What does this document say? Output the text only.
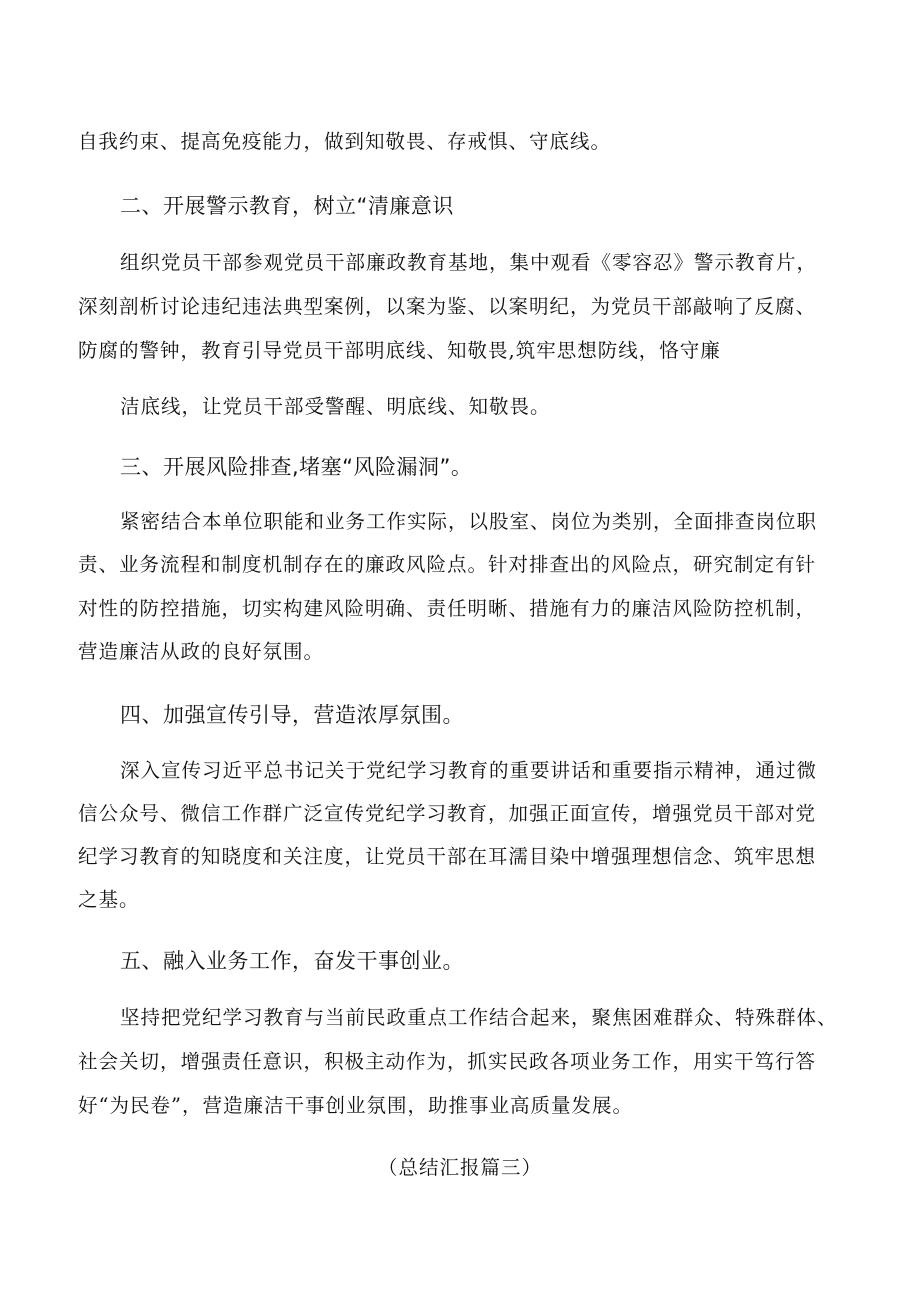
自我约束、提高免疫能力，做到知敬畏、存戒惧、守底线。
二、开展警示教育，树立“清廉意识
组织党员干部参观党员干部廉政教育基地，集中观看《零容忍》警示教育片，
深刻剖析讨论违纪违法典型案例，以案为鉴、以案明纪，为党员干部敲响了反腐、
防腐的警钟，教育引导党员干部明底线、知敬畏,筑牢思想防线，恪守廉
洁底线，让党员干部受警醒、明底线、知敬畏。
三、开展风险排查,堵塞“风险漏洞”。
紧密结合本单位职能和业务工作实际，以股室、岗位为类别，全面排查岗位职
责、业务流程和制度机制存在的廉政风险点。针对排查出的风险点，研究制定有针
对性的防控措施，切实构建风险明确、责任明晰、措施有力的廉洁风险防控机制，
营造廉洁从政的良好氛围。
四、加强宣传引导，营造浓厚氛围。
深入宣传习近平总书记关于党纪学习教育的重要讲话和重要指示精神，通过微
信公众号、微信工作群广泛宣传党纪学习教育，加强正面宣传，增强党员干部对党
纪学习教育的知晓度和关注度，让党员干部在耳濡目染中增强理想信念、筑牢思想
之基。
五、融入业务工作，奋发干事创业。
坚持把党纪学习教育与当前民政重点工作结合起来，聚焦困难群众、特殊群体、
社会关切，增强责任意识，积极主动作为，抓实民政各项业务工作，用实干笃行答
好“为民卷”，营造廉洁干事创业氛围，助推事业高质量发展。
（总结汇报篇三）
